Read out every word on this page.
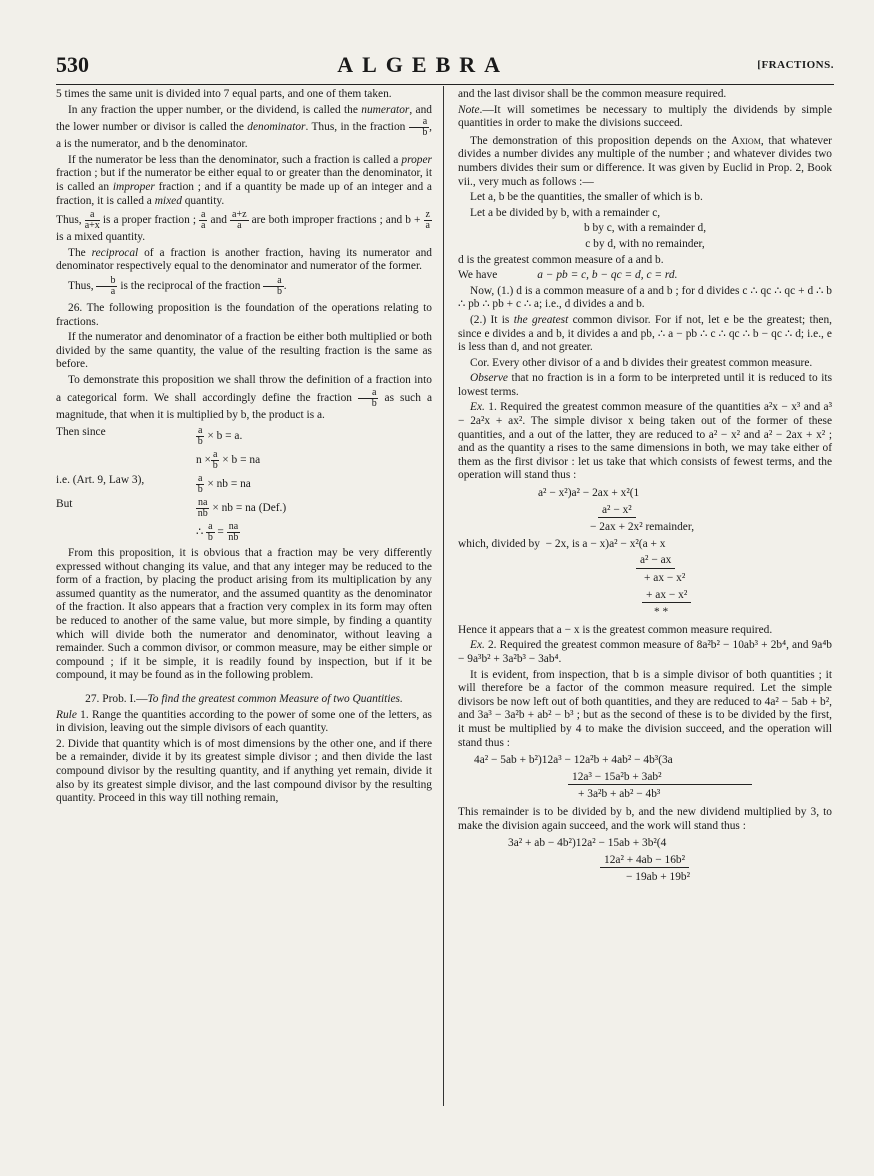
530	ALGEBRA	[FRACTIONS.

5 times the same unit is divided into 7 equal parts, and one of them taken.

In any fraction the upper number, or the dividend, is called the numerator, and the lower number or divisor is called the denominator. Thus, in the fraction $\frac{a}{b}$ , a is the numerator, and b the denominator.

If the numerator be less than the denominator, such a fraction is called a proper fraction ; but if the numerator be either equal to or greater than the denominator, it is called an improper fraction ; and if a quantity be made up of an integer and a fraction, it is called a mixed quantity.

Thus, $\frac{a}{a+x}$ is a proper fraction ; $\frac{a}{a}$ and $\frac{a+z}{a}$ are both improper fractions ; and $b + \frac{z}{a}$
is a mixed quantity.

The reciprocal of a fraction is another fraction, having its numerator and denominator respectively equal to the denominator and numerator of the former.

Thus, $\frac{b}{a}$ is the reciprocal of the fraction $\frac{a}{b}$ .

26. The following proposition is the foundation of the operations relating to fractions.

If the numerator and denominator of a fraction be either both multiplied or both divided by the same quantity, the value of the resulting fraction is the same as before.

To demonstrate this proposition we shall throw the definition of a fraction into a categorical form. We shall accordingly define the fraction $\frac{a}{b}$ as such a magnitude, that when it is multiplied by b, the product is a.

Then since	$\frac{a}{b} \times b = a$.
$n \times \frac{a}{b} \times b$ = na
i.e. (Art. 9, Law 3),	$\frac{a}{b}$ × nb = na
But	$\frac{na}{nb}$ × nb = na (Def.)
∴ $\frac{a}{b} = \frac{na}{nb}$

From this proposition, it is obvious that a fraction may be very differently expressed without changing its value, and that any integer may be reduced to the form of a fraction, by placing the product arising from its multiplication by any assumed quantity as the numerator, and the assumed quantity as the denominator of the fraction. It also appears that a fraction very complex in its form may often be reduced to another of the same value, but more simple, by finding a quantity which will divide both the numerator and denominator, without leaving a remainder. Such a common divisor, or common measure, may be either simple or compound ; if it be simple, it is readily found by inspection, but if it be compound, it may be found as in the following problem.

27. Prob. I.—To find the greatest common Measure of two Quantities.

Rule 1. Range the quantities according to the power of some one of the letters, as in division, leaving out the simple divisors of each quantity.

2. Divide that quantity which is of most dimensions by the other one, and if there be a remainder, divide it by its greatest simple divisor ; and then divide the last compound divisor by the resulting quantity, and if anything yet remain, divide it also by its greatest simple divisor, and the last compound divisor by the resulting quantity. Proceed in this way till nothing remain,

and the last divisor shall be the common measure required.

Note.—It will sometimes be necessary to multiply the dividends by simple quantities in order to make the divisions succeed.

The demonstration of this proposition depends on the Axiom, that whatever divides a number divides any multiple of the number ; and whatever divides two numbers divides their sum or difference. It was given by Euclid in Prop. 2, Book vii., very much as follows :—

Let a, b be the quantities, the smaller of which is b.

Let a be divided by b, with a remainder c,

b by c, with a remainder d,

c by d, with no remainder,

d is the greatest common measure of a and b.

We have	a − pb = c, b − qc = d, c = rd.

Now, (1.) d is a common measure of a and b ; for d divides c ∴ qc ∴ qc + d ∴ b ∴ pb ∴ pb + c ∴ a; i.e., d divides a and b.

(2.) It is the greatest common divisor. For if not, let e be the greatest; then, since e divides a and b, it divides a and pb, ∴ a − pb ∴ c ∴ qc ∴ b − qc ∴ d; i.e., e is less than d, and not greater.

Cor. Every other divisor of a and b divides their greatest common measure.

Observe that no fraction is in a form to be interpreted until it is reduced to its lowest terms.

Ex. 1. Required the greatest common measure of the quantities a²x − x³ and a³ − 2a²x + ax². The simple divisor x being taken out of the former of these quantities, and a out of the latter, they are reduced to a² − x² and a² − 2ax + x² ; and as the quantity a rises to the same dimensions in both, we may take either of them as the first divisor : let us take that which consists of fewest terms, and the operation will stand thus :

a² − x²)a² − 2ax + x²(1
a² − x²
− 2ax + 2x² remainder,
which, divided by  − 2x, is a − x)a² − x²(a + x
a² − ax
+ ax − x²
+ ax − x²
* *

Hence it appears that a − x is the greatest common measure required.

Ex. 2. Required the greatest common measure of 8a²b² − 10ab³ + 2b⁴, and 9a⁴b − 9a³b² + 3a²b³ − 3ab⁴.

It is evident, from inspection, that b is a simple divisor of both quantities ; it will therefore be a factor of the common measure required. Let the simple divisors be now left out of both quantities, and they are reduced to 4a² − 5ab + b², and 3a³ − 3a²b + ab² − b³ ; but as the second of these is to be divided by the first, it must be multiplied by 4 to make the division succeed, and the operation will stand thus :

4a² − 5ab + b²)12a³ − 12a²b + 4ab² − 4b³(3a
12a³ − 15a²b + 3ab²
+ 3a²b + ab² − 4b³

This remainder is to be divided by b, and the new dividend multiplied by 3, to make the division again succeed, and the work will stand thus :

3a² + ab − 4b²)12a² − 15ab + 3b²(4
12a² + 4ab − 16b²
− 19ab + 19b²
